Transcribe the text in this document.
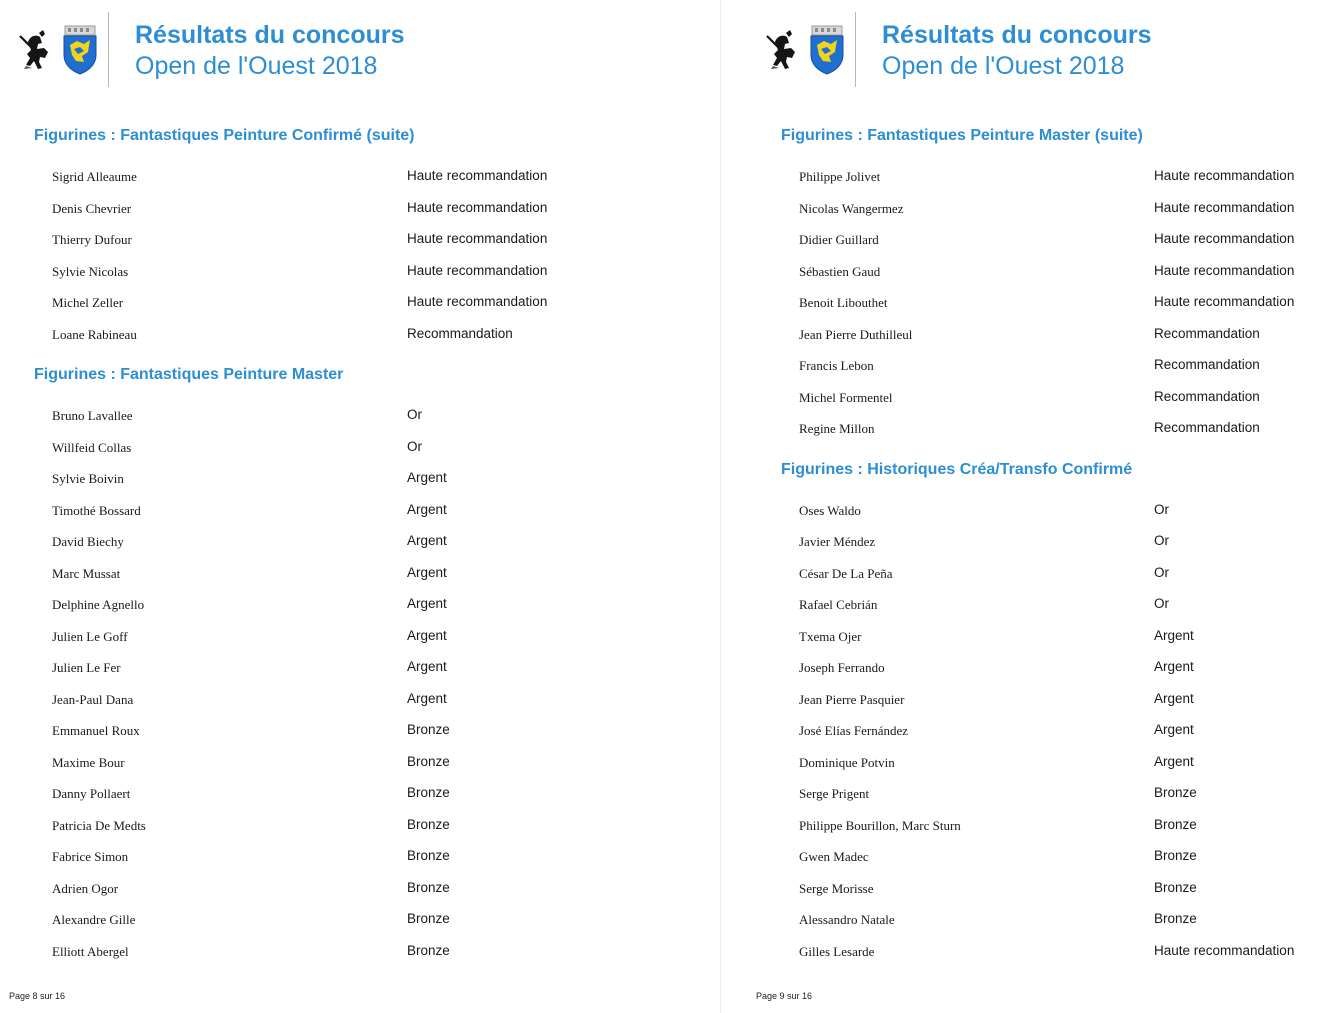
Résultats du concours
Open de l'Ouest 2018
Figurines : Fantastiques Peinture Confirmé (suite)
Sigrid Alleaume	Haute recommandation
Denis Chevrier	Haute recommandation
Thierry Dufour	Haute recommandation
Sylvie Nicolas	Haute recommandation
Michel Zeller	Haute recommandation
Loane Rabineau	Recommandation
Figurines : Fantastiques Peinture Master
Bruno Lavallee	Or
Willfeid Collas	Or
Sylvie Boivin	Argent
Timothé Bossard	Argent
David Biechy	Argent
Marc Mussat	Argent
Delphine Agnello	Argent
Julien Le Goff	Argent
Julien Le Fer	Argent
Jean-Paul Dana	Argent
Emmanuel Roux	Bronze
Maxime Bour	Bronze
Danny Pollaert	Bronze
Patricia De Medts	Bronze
Fabrice Simon	Bronze
Adrien Ogor	Bronze
Alexandre Gille	Bronze
Elliott Abergel	Bronze
Page 8 sur 16
Résultats du concours
Open de l'Ouest 2018
Figurines : Fantastiques Peinture Master (suite)
Philippe Jolivet	Haute recommandation
Nicolas Wangermez	Haute recommandation
Didier Guillard	Haute recommandation
Sébastien Gaud	Haute recommandation
Benoit Libouthet	Haute recommandation
Jean Pierre Duthilleul	Recommandation
Francis Lebon	Recommandation
Michel Formentel	Recommandation
Regine Millon	Recommandation
Figurines : Historiques Créa/Transfo Confirmé
Oses Waldo	Or
Javier Méndez	Or
César De La Peña	Or
Rafael Cebrián	Or
Txema Ojer	Argent
Joseph Ferrando	Argent
Jean Pierre Pasquier	Argent
José Elías Fernández	Argent
Dominique Potvin	Argent
Serge Prigent	Bronze
Philippe Bourillon, Marc Sturn	Bronze
Gwen Madec	Bronze
Serge Morisse	Bronze
Alessandro Natale	Bronze
Gilles Lesarde	Haute recommandation
Page 9 sur 16
